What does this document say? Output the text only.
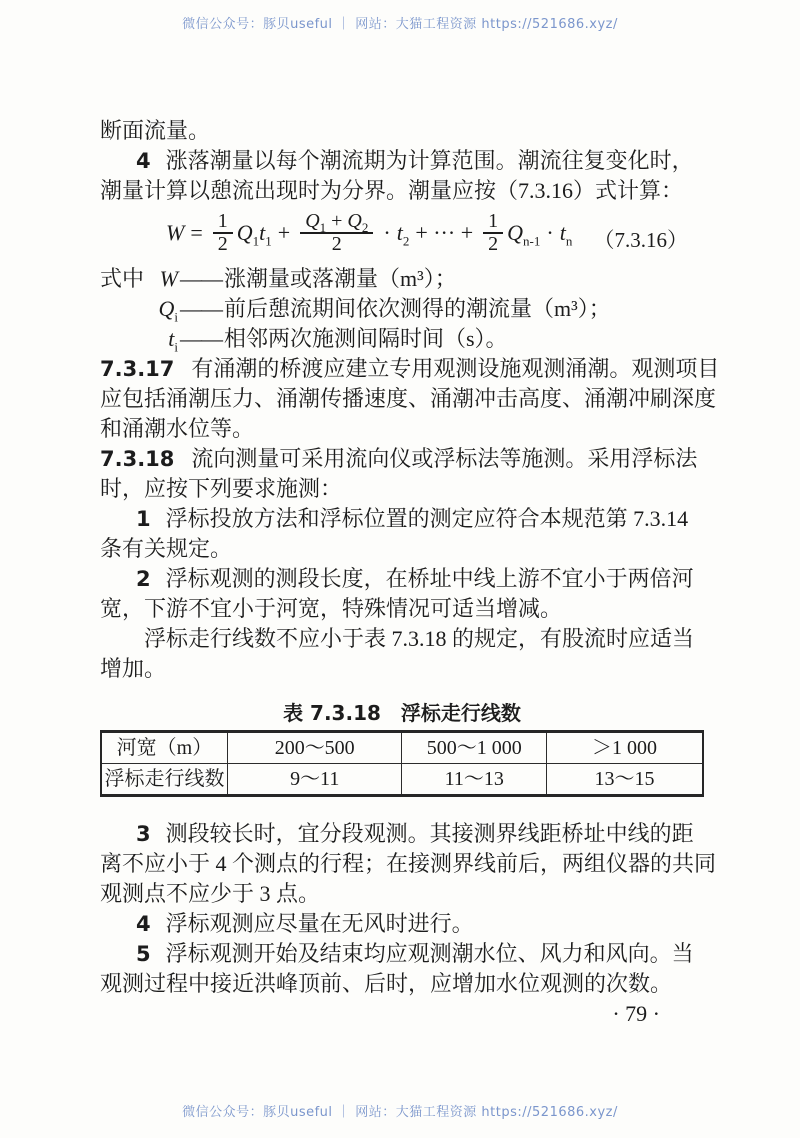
微信公众号：豚贝useful ｜ 网站：大猫工程资源 https://521686.xyz/
断面流量。
4 涨落潮量以每个潮流期为计算范围。潮流往复变化时，
潮量计算以憩流出现时为分界。潮量应按（7.3.16）式计算：
$W = \frac{1}{2} Q_1t_1 + \frac{Q_1 + Q_2}{2} \cdot t_2$ + ··· + $\frac{1}{2} Q_{n-1} \cdot t_n$ （7.3.16）
式中 W —— 涨潮量或落潮量（m³）；
$Q_i$ —— 前后憩流期间依次测得的潮流量（m³）；
$t_i$ —— 相邻两次施测间隔时间（s）。
7.3.17 有涌潮的桥渡应建立专用观测设施观测涌潮。观测项目
应包括涌潮压力、涌潮传播速度、涌潮冲击高度、涌潮冲刷深度
和涌潮水位等。
7.3.18 流向测量可采用流向仪或浮标法等施测。采用浮标法
时，应按下列要求施测：
1 浮标投放方法和浮标位置的测定应符合本规范第 7.3.14
条有关规定。
2 浮标观测的测段长度，在桥址中线上游不宜小于两倍河
宽，下游不宜小于河宽，特殊情况可适当增减。
浮标走行线数不应小于表 7.3.18 的规定，有股流时应适当
增加。
表 7.3.18　浮标走行线数
河宽（m）	200～500	500～1 000	＞1 000
浮标走行线数	9～11	11～13	13～15
3 测段较长时，宜分段观测。其接测界线距桥址中线的距
离不应小于 4 个测点的行程；在接测界线前后，两组仪器的共同
观测点不应少于 3 点。
4 浮标观测应尽量在无风时进行。
5 浮标观测开始及结束均应观测潮水位、风力和风向。当
观测过程中接近洪峰顶前、后时，应增加水位观测的次数。
· 79 ·
微信公众号：豚贝useful ｜ 网站：大猫工程资源 https://521686.xyz/
